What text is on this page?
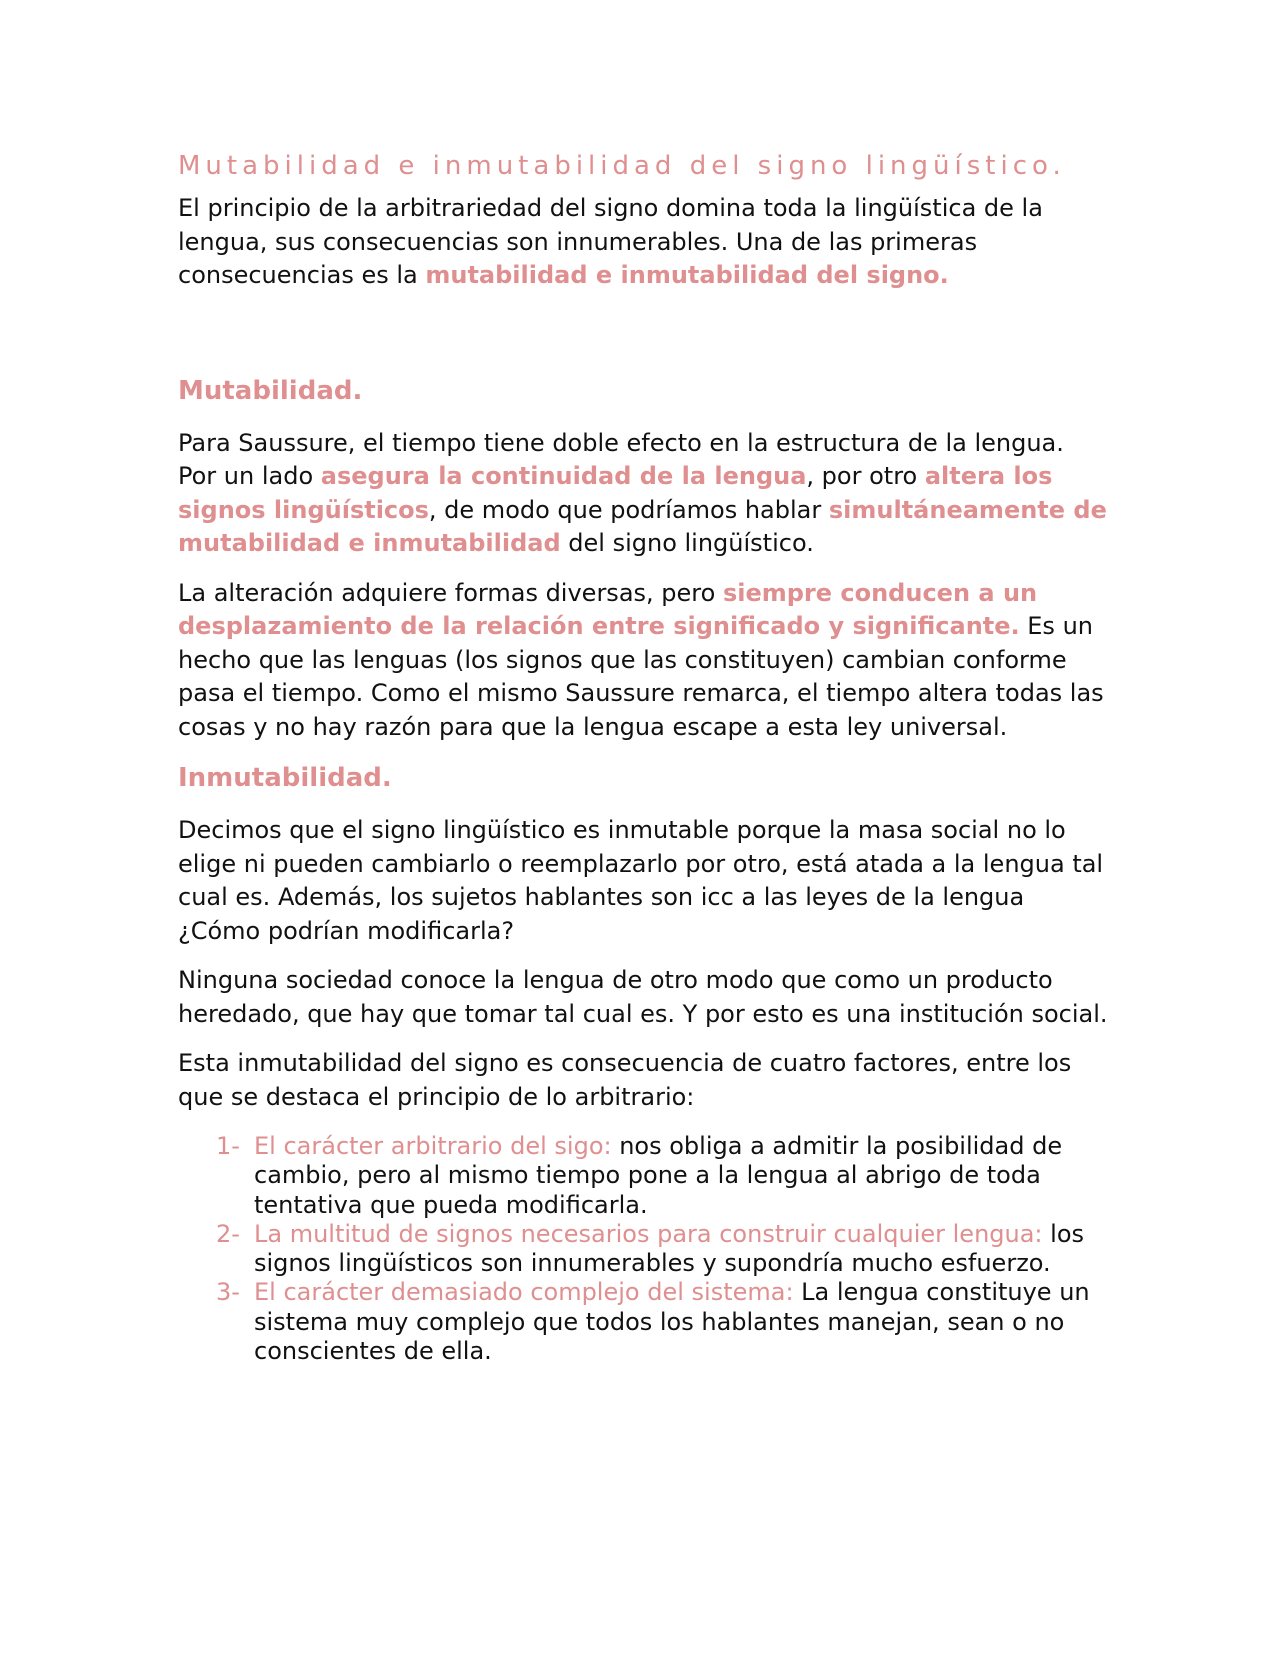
Mutabilidad e inmutabilidad del signo lingüístico.

El principio de la arbitrariedad del signo domina toda la lingüística de la lengua, sus consecuencias son innumerables. Una de las primeras consecuencias es la mutabilidad e inmutabilidad del signo.

Mutabilidad.

Para Saussure, el tiempo tiene doble efecto en la estructura de la lengua. Por un lado asegura la continuidad de la lengua, por otro altera los signos lingüísticos, de modo que podríamos hablar simultáneamente de mutabilidad e inmutabilidad del signo lingüístico.

La alteración adquiere formas diversas, pero siempre conducen a un desplazamiento de la relación entre significado y significante. Es un hecho que las lenguas (los signos que las constituyen) cambian conforme pasa el tiempo. Como el mismo Saussure remarca, el tiempo altera todas las cosas y no hay razón para que la lengua escape a esta ley universal.

Inmutabilidad.

Decimos que el signo lingüístico es inmutable porque la masa social no lo elige ni pueden cambiarlo o reemplazarlo por otro, está atada a la lengua tal cual es. Además, los sujetos hablantes son icc a las leyes de la lengua ¿Cómo podrían modificarla?

Ninguna sociedad conoce la lengua de otro modo que como un producto heredado, que hay que tomar tal cual es. Y por esto es una institución social.

Esta inmutabilidad del signo es consecuencia de cuatro factores, entre los que se destaca el principio de lo arbitrario:

1- El carácter arbitrario del sigo: nos obliga a admitir la posibilidad de cambio, pero al mismo tiempo pone a la lengua al abrigo de toda tentativa que pueda modificarla.
2- La multitud de signos necesarios para construir cualquier lengua: los signos lingüísticos son innumerables y supondría mucho esfuerzo.
3- El carácter demasiado complejo del sistema: La lengua constituye un sistema muy complejo que todos los hablantes manejan, sean o no conscientes de ella.
